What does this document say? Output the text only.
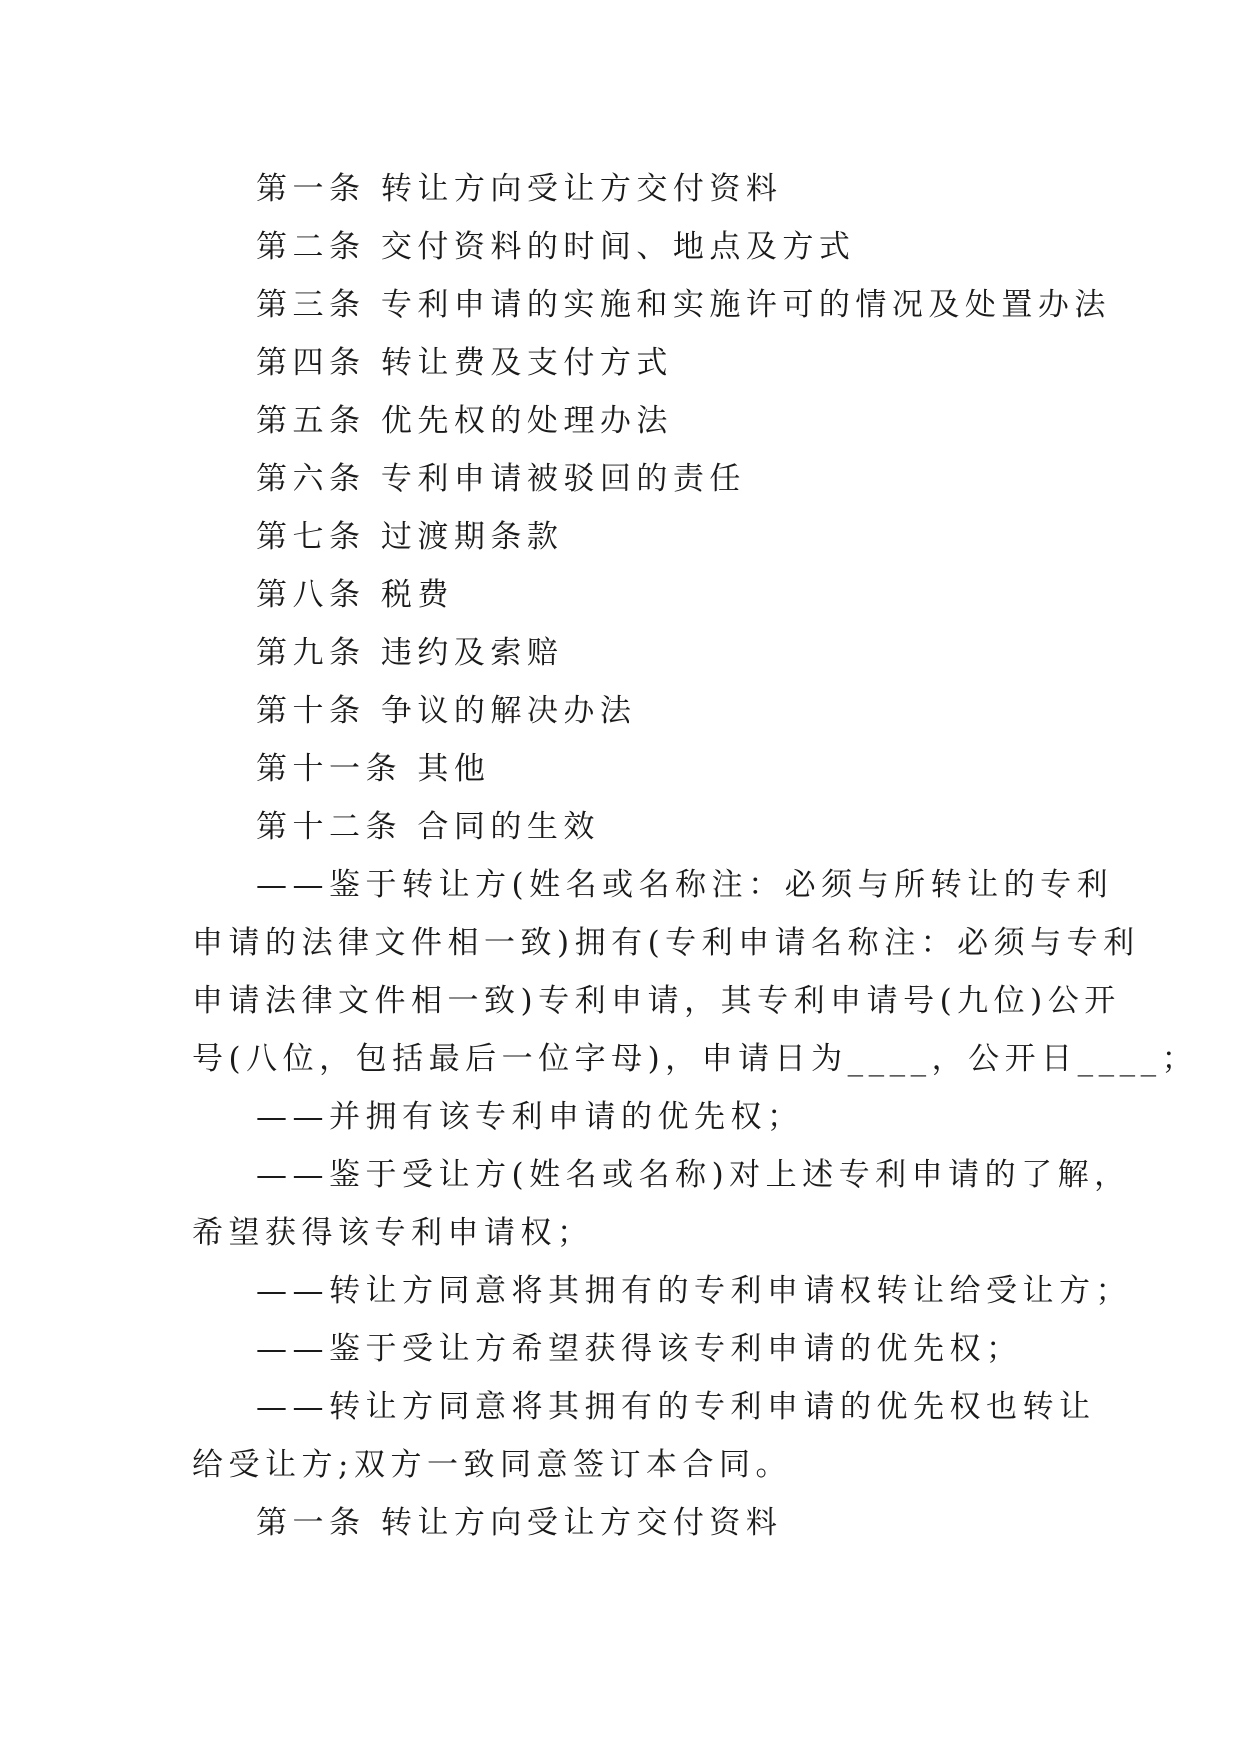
第一条 转让方向受让方交付资料

第二条 交付资料的时间、地点及方式

第三条 专利申请的实施和实施许可的情况及处置办法

第四条 转让费及支付方式

第五条 优先权的处理办法

第六条 专利申请被驳回的责任

第七条 过渡期条款

第八条 税费

第九条 违约及索赔

第十条 争议的解决办法

第十一条 其他

第十二条 合同的生效

——鉴于转让方(姓名或名称注：必须与所转让的专利

申请的法律文件相一致)拥有(专利申请名称注：必须与专利

申请法律文件相一致)专利申请，其专利申请号(九位)公开

号(八位，包括最后一位字母)，申请日为____，公开日____；

——并拥有该专利申请的优先权；

——鉴于受让方(姓名或名称)对上述专利申请的了解，

希望获得该专利申请权；

——转让方同意将其拥有的专利申请权转让给受让方；

——鉴于受让方希望获得该专利申请的优先权；

——转让方同意将其拥有的专利申请的优先权也转让

给受让方;双方一致同意签订本合同。

第一条 转让方向受让方交付资料
